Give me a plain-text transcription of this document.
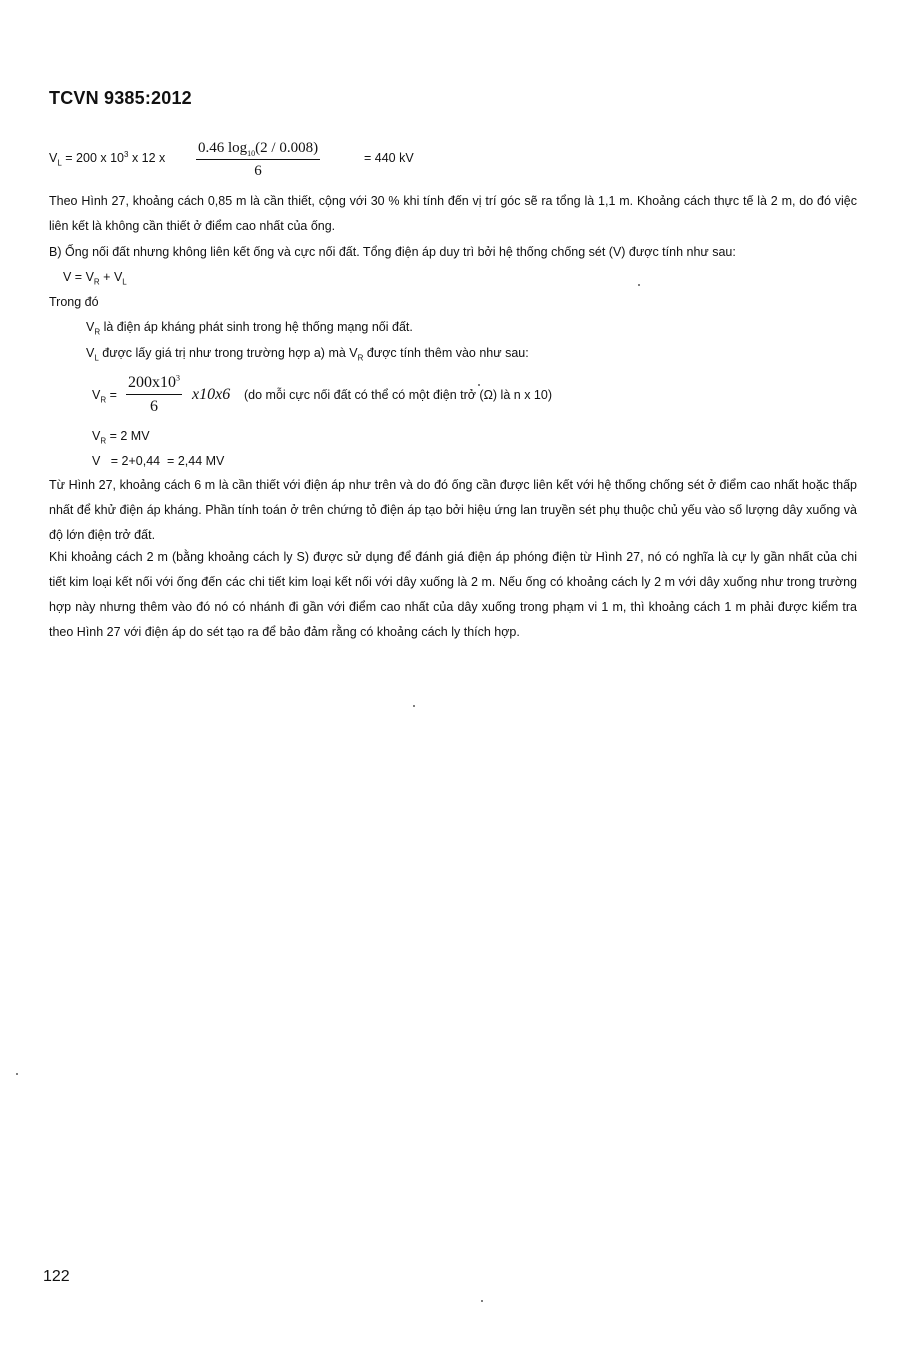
TCVN 9385:2012
$V_L = 200$ x $10^3$ x 12 x $\frac{0.46 \log_{10}(2 / 0.008)}{6}$	= 440 kV
Theo Hình 27, khoảng cách 0,85 m là cần thiết, cộng với 30 % khi tính đến vị trí góc sẽ ra tổng là 1,1 m. Khoảng cách thực tế là 2 m, do đó việc liên kết là không cần thiết ở điểm cao nhất của ống.
B) Ống nối đất nhưng không liên kết ống và cực nối đất. Tổng điện áp duy trì bởi hệ thống chống sét (V) được tính như sau:
$V = V_R + V_L$
Trong đó
$V_R$ là điện áp kháng phát sinh trong hệ thống mạng nối đất.
$V_L$ được lấy giá trị như trong trường hợp a) mà $V_R$ được tính thêm vào như sau:
$V_R = \frac{200x10^3}{6} x10x6$ (do mỗi cực nối đất có thể có một điện trở (Ω) là n x 10)
$V_R = 2$ MV
V   = 2+0,44  = 2,44 MV
Từ Hình 27, khoảng cách 6 m là cần thiết với điện áp như trên và do đó ống cần được liên kết với hệ thống chống sét ở điểm cao nhất hoặc thấp nhất để khử điện áp kháng. Phần tính toán ở trên chứng tỏ điện áp tạo bởi hiệu ứng lan truyền sét phụ thuộc chủ yếu vào số lượng dây xuống và độ lớn điện trở đất.
Khi khoảng cách 2 m (bằng khoảng cách ly S) được sử dụng để đánh giá điện áp phóng điện từ Hình 27, nó có nghĩa là cự ly gần nhất của chi tiết kim loại kết nối với ống đến các chi tiết kim loại kết nối với dây xuống là 2 m. Nếu ống có khoảng cách ly 2 m với dây xuống như trong trường hợp này nhưng thêm vào đó nó có nhánh đi gần với điểm cao nhất của dây xuống trong phạm vi 1 m, thì khoảng cách 1 m phải được kiểm tra theo Hình 27 với điện áp do sét tạo ra để bảo đảm rằng có khoảng cách ly thích hợp.
122
